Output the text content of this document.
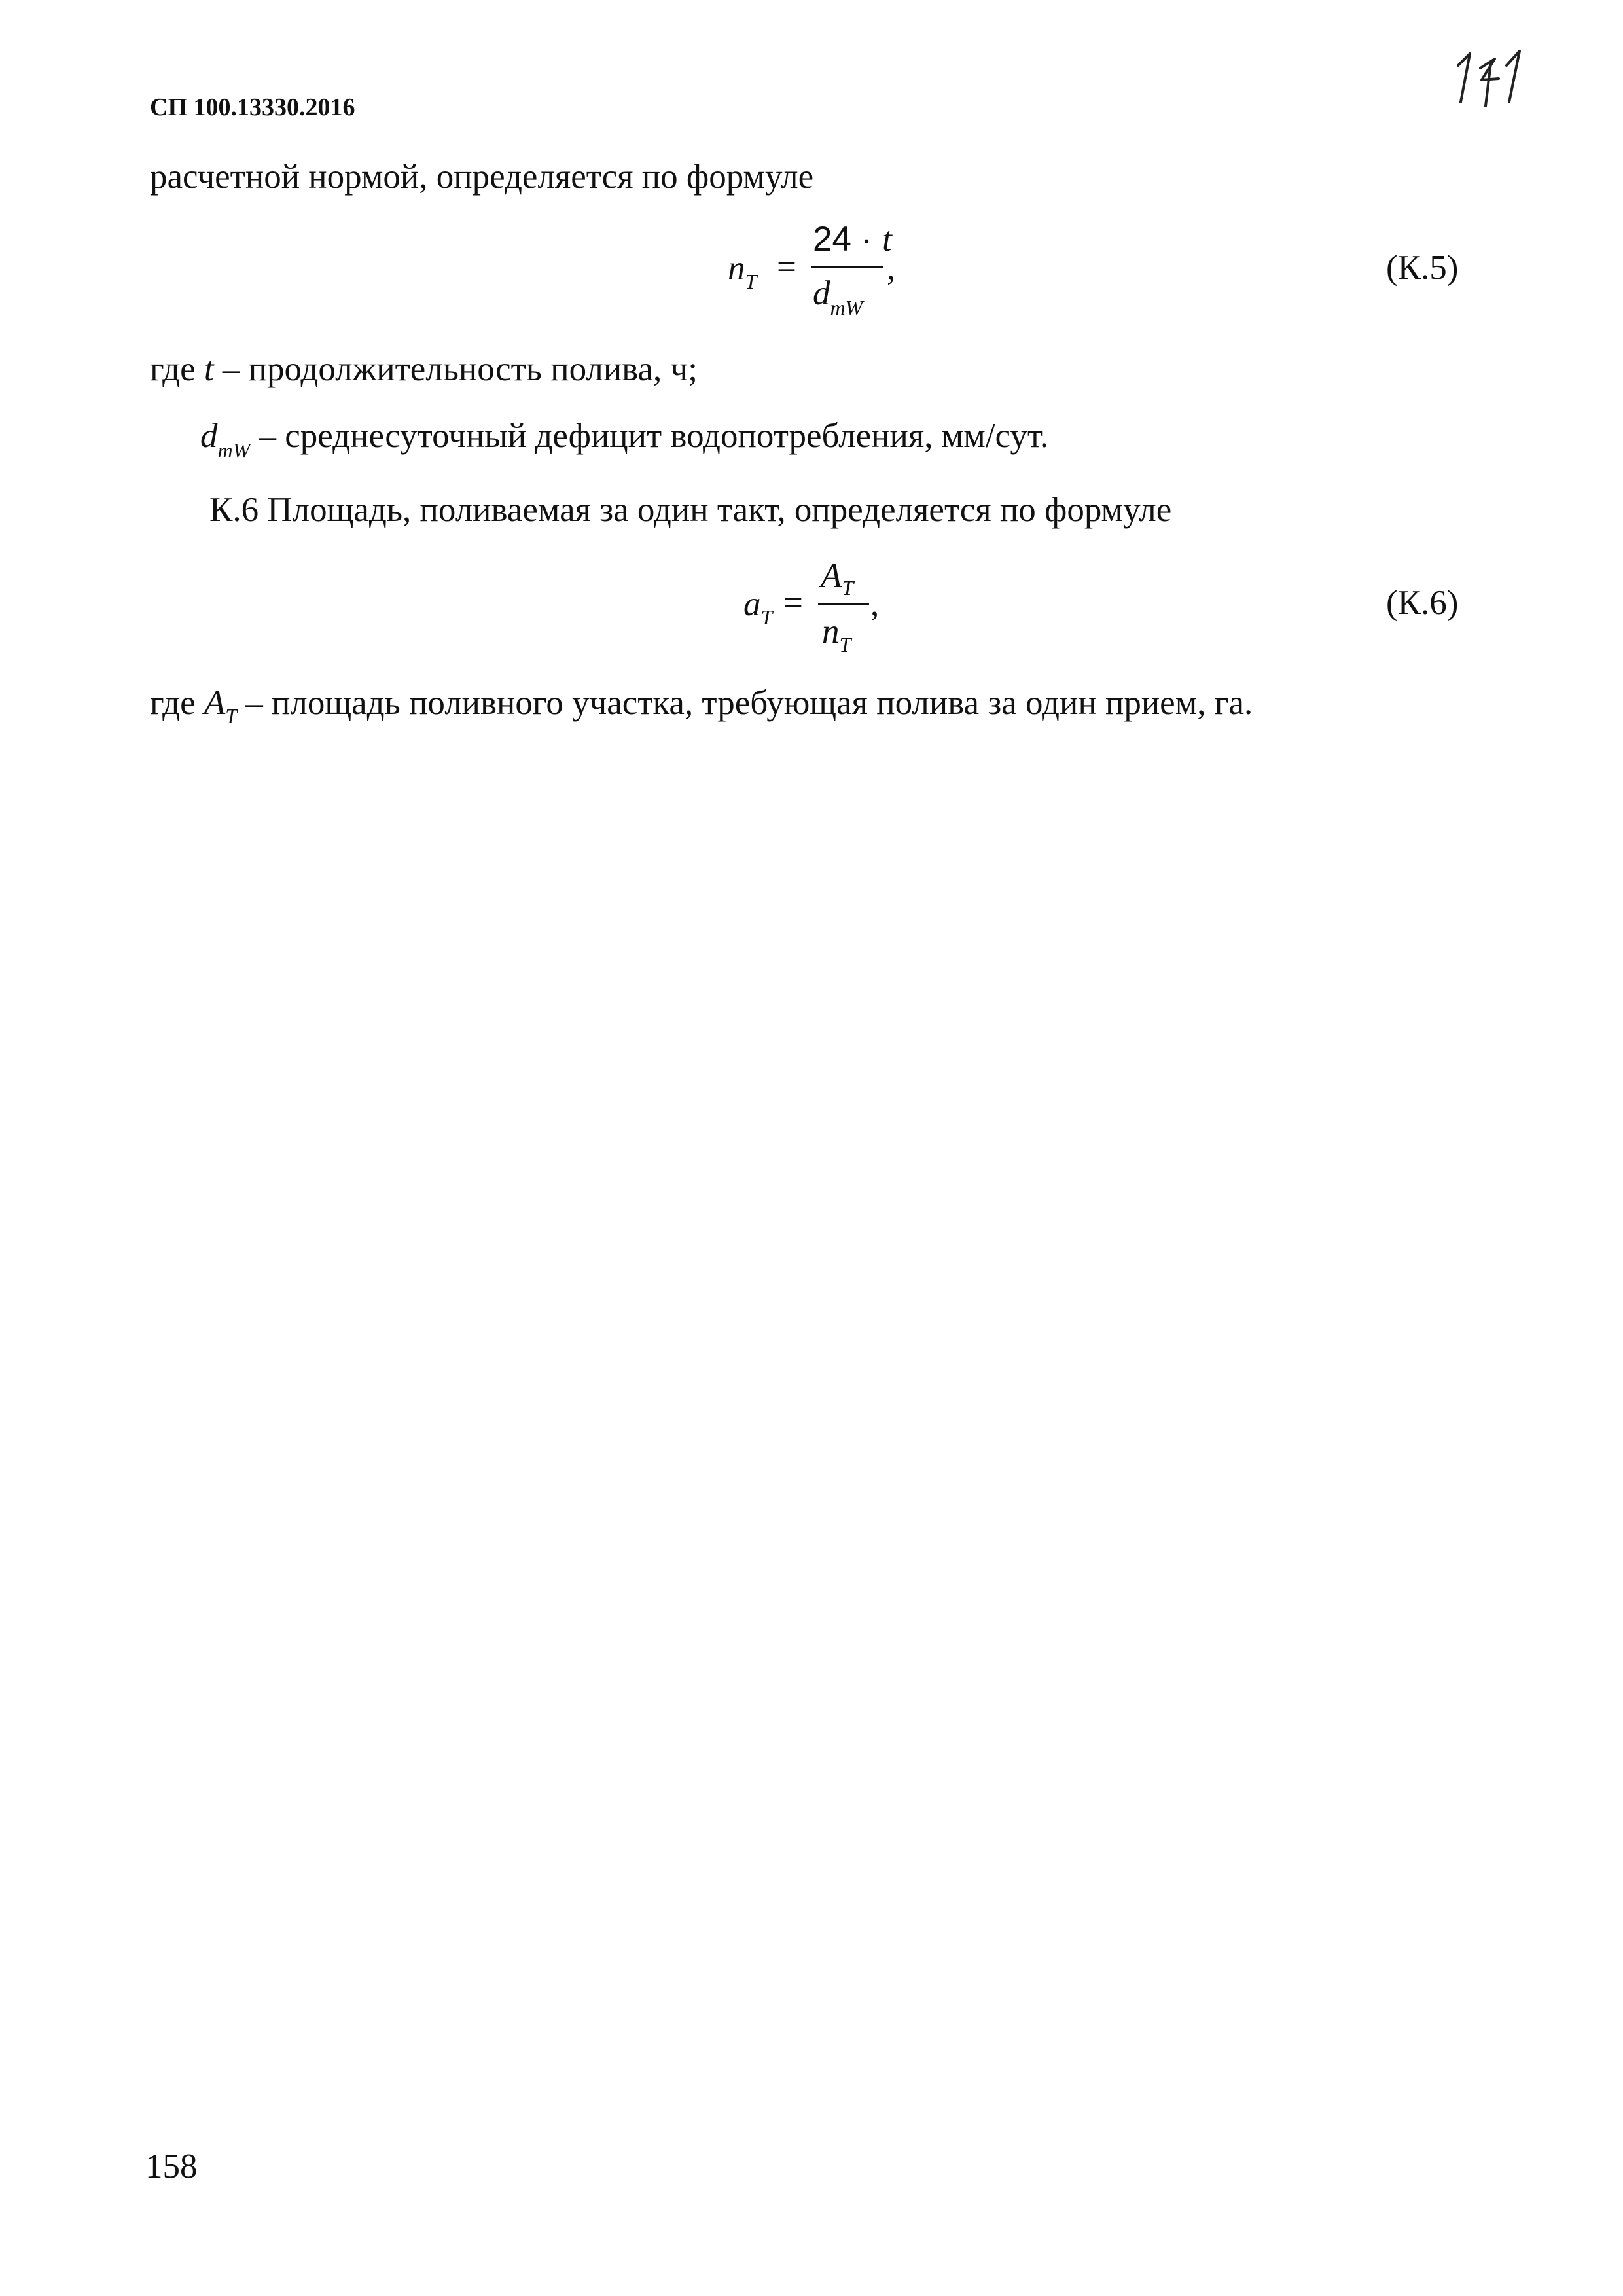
СП 100.13330.2016
расчетной нормой, определяется по формуле
$n_T$ =
24 · t
$d_{mW}$
,	(К.5)
где t – продолжительность полива, ч;
$d_{mW}$ – среднесуточный дефицит водопотребления, мм/сут.
К.6 Площадь, поливаемая за один такт, определяется по формуле
$a_T$ =
$A_T$
$n_T$
,	(К.6)
где $A_T$ – площадь поливного участка, требующая полива за один прием, га.
158
